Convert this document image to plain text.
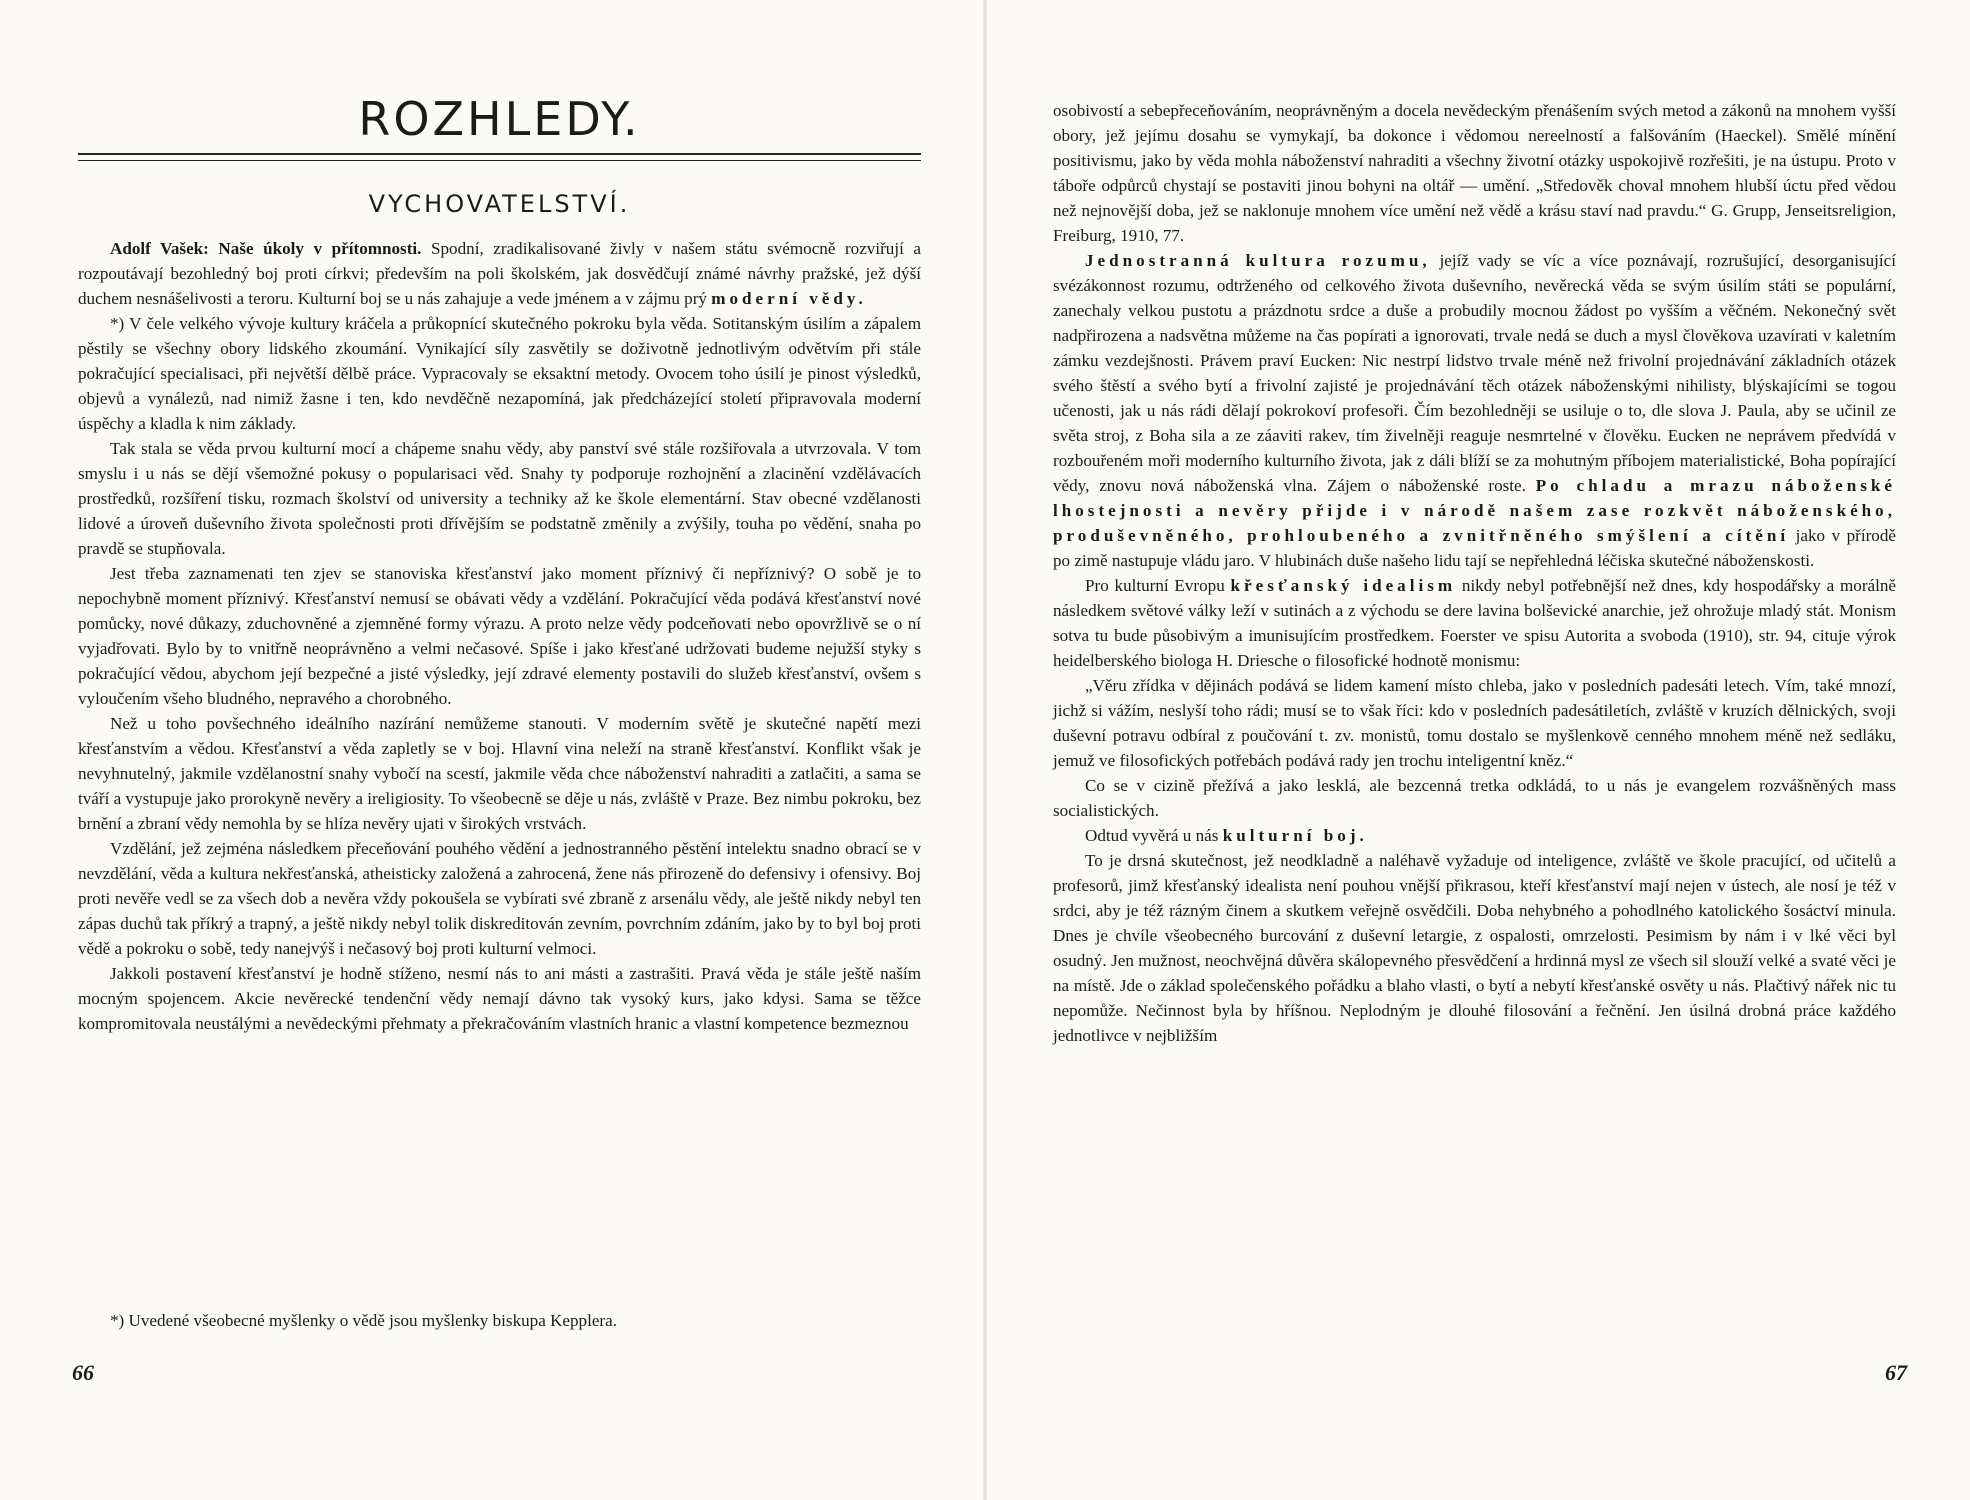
ROZHLEDY.
VYCHOVATELSTVÍ.

Adolf Vašek: Naše úkoly v přítomnosti. Spodní, zradikalisované živly v našem státu svémocně rozviřují a rozpoutávají bezohledný boj proti církvi; především na poli školském, jak dosvědčují známé návrhy pražské, jež dýší duchem nesnášelivosti a teroru. Kulturní boj se u nás zahajuje a vede jménem a v zájmu prý moderní vědy.

*) V čele velkého vývoje kultury kráčela a průkopnící skutečného pokroku byla věda. Sotitanským úsilím a zápalem pěstily se všechny obory lidského zkoumání. Vynikající síly zasvětily se doživotně jednotlivým odvětvím při stále pokračující specialisaci, při největší dělbě práce. Vypracovaly se eksaktní metody. Ovocem toho úsilí je pinost výsledků, objevů a vynálezů, nad nimiž žasne i ten, kdo nevděčně nezapomíná, jak předcházející století připravovala moderní úspěchy a kladla k nim základy.

Tak stala se věda prvou kulturní mocí a chápeme snahu vědy, aby panství své stále rozšiřovala a utvrzovala. V tom smyslu i u nás se dějí všemožné pokusy o popularisaci věd. Snahy ty podporuje rozhojnění a zlacinění vzdělávacích prostředků, rozšíření tisku, rozmach školství od university a techniky až ke škole elementární. Stav obecné vzdělanosti lidové a úroveň duševního života společnosti proti dřívějším se podstatně změnily a zvýšily, touha po vědění, snaha po pravdě se stupňovala.

Jest třeba zaznamenati ten zjev se stanoviska křesťanství jako moment příznivý či nepříznivý? O sobě je to nepochybně moment příznivý. Křesťanství nemusí se obávati vědy a vzdělání. Pokračující věda podává křesťanství nové pomůcky, nové důkazy, zduchovněné a zjemněné formy výrazu. A proto nelze vědy podceňovati nebo opovržlivě se o ní vyjadřovati. Bylo by to vnitřně neoprávněno a velmi nečasové. Spíše i jako křesťané udržovati budeme nejužší styky s pokračující vědou, abychom její bezpečné a jisté výsledky, její zdravé elementy postavili do služeb křesťanství, ovšem s vyloučením všeho bludného, nepravého a chorobného.

Než u toho povšechného ideálního nazírání nemůžeme stanouti. V moderním světě je skutečné napětí mezi křesťanstvím a vědou. Křesťanství a věda zapletly se v boj. Hlavní vina neleží na straně křesťanství. Konflikt však je nevyhnutelný, jakmile vzdělanostní snahy vybočí na scestí, jakmile věda chce náboženství nahraditi a zatlačiti, a sama se tváří a vystupuje jako prorokyně nevěry a ireligiosity. To všeobecně se děje u nás, zvláště v Praze. Bez nimbu pokroku, bez brnění a zbraní vědy nemohla by se hlíza nevěry ujati v širokých vrstvách.

Vzdělání, jež zejména následkem přeceňování pouhého vědění a jednostranného pěstění intelektu snadno obrací se v nevzdělání, věda a kultura nekřesťanská, atheisticky založená a zahrocená, žene nás přirozeně do defensivy i ofensivy. Boj proti nevěře vedl se za všech dob a nevěra vždy pokoušela se vybírati své zbraně z arsenálu vědy, ale ještě nikdy nebyl ten zápas duchů tak příkrý a trapný, a ještě nikdy nebyl tolik diskreditován zevním, povrchním zdáním, jako by to byl boj proti vědě a pokroku o sobě, tedy nanejvýš i nečasový boj proti kulturní velmoci.

Jakkoli postavení křesťanství je hodně stíženo, nesmí nás to ani másti a zastrašiti. Pravá věda je stále ještě naším mocným spojencem. Akcie nevěrecké tendenční vědy nemají dávno tak vysoký kurs, jako kdysi. Sama se těžce kompromitovala neustálými a nevědeckými přehmaty a překračováním vlastních hranic a vlastní kompetence bezmeznou

*) Uvedené všeobecné myšlenky o vědě jsou myšlenky biskupa Kepplera.
66

osobivostí a sebepřeceňováním, neoprávněným a docela nevědeckým přenášením svých metod a zákonů na mnohem vyšší obory, jež jejímu dosahu se vymykají, ba dokonce i vědomou nereelností a falšováním (Haeckel). Smělé mínění positivismu, jako by věda mohla náboženství nahraditi a všechny životní otázky uspokojivě rozřešiti, je na ústupu. Proto v táboře odpůrců chystají se postaviti jinou bohyni na oltář — umění. „Středověk choval mnohem hlubší úctu před vědou než nejnovější doba, jež se naklonuje mnohem více umění než vědě a krásu staví nad pravdu.“ G. Grupp, Jenseitsreligion, Freiburg, 1910, 77.

Jednostranná kultura rozumu, jejíž vady se víc a více poznávají, rozrušující, desorganisující svézákonnost rozumu, odtrženého od celkového života duševního, nevěrecká věda se svým úsilím státi se populární, zanechaly velkou pustotu a prázdnotu srdce a duše a probudily mocnou žádost po vyšším a věčném. Nekonečný svět nadpřirozena a nadsvětna můžeme na čas popírati a ignorovati, trvale nedá se duch a mysl člověkova uzavírati v kaletním zámku vezdejšnosti. Právem praví Eucken: Nic nestrpí lidstvo trvale méně než frivolní projednávání základních otázek svého štěstí a svého bytí a frivolní zajisté je projednávání těch otázek náboženskými nihilisty, blýskajícími se togou učenosti, jak u nás rádi dělají pokrokoví profesoři. Čím bezohledněji se usiluje o to, dle slova J. Paula, aby se učinil ze světa stroj, z Boha sila a ze záaviti rakev, tím živelněji reaguje nesmrtelné v člověku. Eucken ne neprávem předvídá v rozbouřeném moři moderního kulturního života, jak z dáli blíží se za mohutným příbojem materialistické, Boha popírající vědy, znovu nová náboženská vlna. Zájem o náboženské roste. Po chladu a mrazu náboženské lhostejnosti a nevěry přijde i v národě našem zase rozkvět náboženského, produševněného, prohloubeného a zvnitřněného smýšlení a cítění jako v přírodě po zimě nastupuje vládu jaro. V hlubinách duše našeho lidu tají se nepřehledná léčiska skutečné náboženskosti.

Pro kulturní Evropu křesťanský idealism nikdy nebyl potřebnější než dnes, kdy hospodářsky a morálně následkem světové války leží v sutinách a z východu se dere lavina bolševické anarchie, jež ohrožuje mladý stát. Monism sotva tu bude působivým a imunisujícím prostředkem. Foerster ve spisu Autorita a svoboda (1910), str. 94, cituje výrok heidelberského biologa H. Driesche o filosofické hodnotě monismu:

„Věru zřídka v dějinách podává se lidem kamení místo chleba, jako v posledních padesáti letech. Vím, také mnozí, jichž si vážím, neslyší toho rádi; musí se to však říci: kdo v posledních padesátiletích, zvláště v kruzích dělnických, svoji duševní potravu odbíral z poučování t. zv. monistů, tomu dostalo se myšlenkově cenného mnohem méně než sedláku, jemuž ve filosofických potřebách podává rady jen trochu inteligentní kněz.“

Co se v cizině přežívá a jako lesklá, ale bezcenná tretka odkládá, to u nás je evangelem rozvášněných mass socialistických.

Odtud vyvěrá u nás kulturní boj.

To je drsná skutečnost, jež neodkladně a naléhavě vyžaduje od inteligence, zvláště ve škole pracující, od učitelů a profesorů, jimž křesťanský idealista není pouhou vnější přikrasou, kteří křesťanství mají nejen v ústech, ale nosí je též v srdci, aby je též rázným činem a skutkem veřejně osvědčili. Doba nehybného a pohodlného katolického šosáctví minula. Dnes je chvíle všeobecného burcování z duševní letargie, z ospalosti, omrzelosti. Pesimism by nám i v lké věci byl osudný. Jen mužnost, neochvějná důvěra skálopevného přesvědčení a hrdinná mysl ze všech sil slouží velké a svaté věci je na místě. Jde o základ společenského pořádku a blaho vlasti, o bytí a nebytí křesťanské osvěty u nás. Plačtivý nářek nic tu nepomůže. Nečinnost byla by hříšnou. Neplodným je dlouhé filosování a řečnění. Jen úsilná drobná práce každého jednotlivce v nejbližším

67
